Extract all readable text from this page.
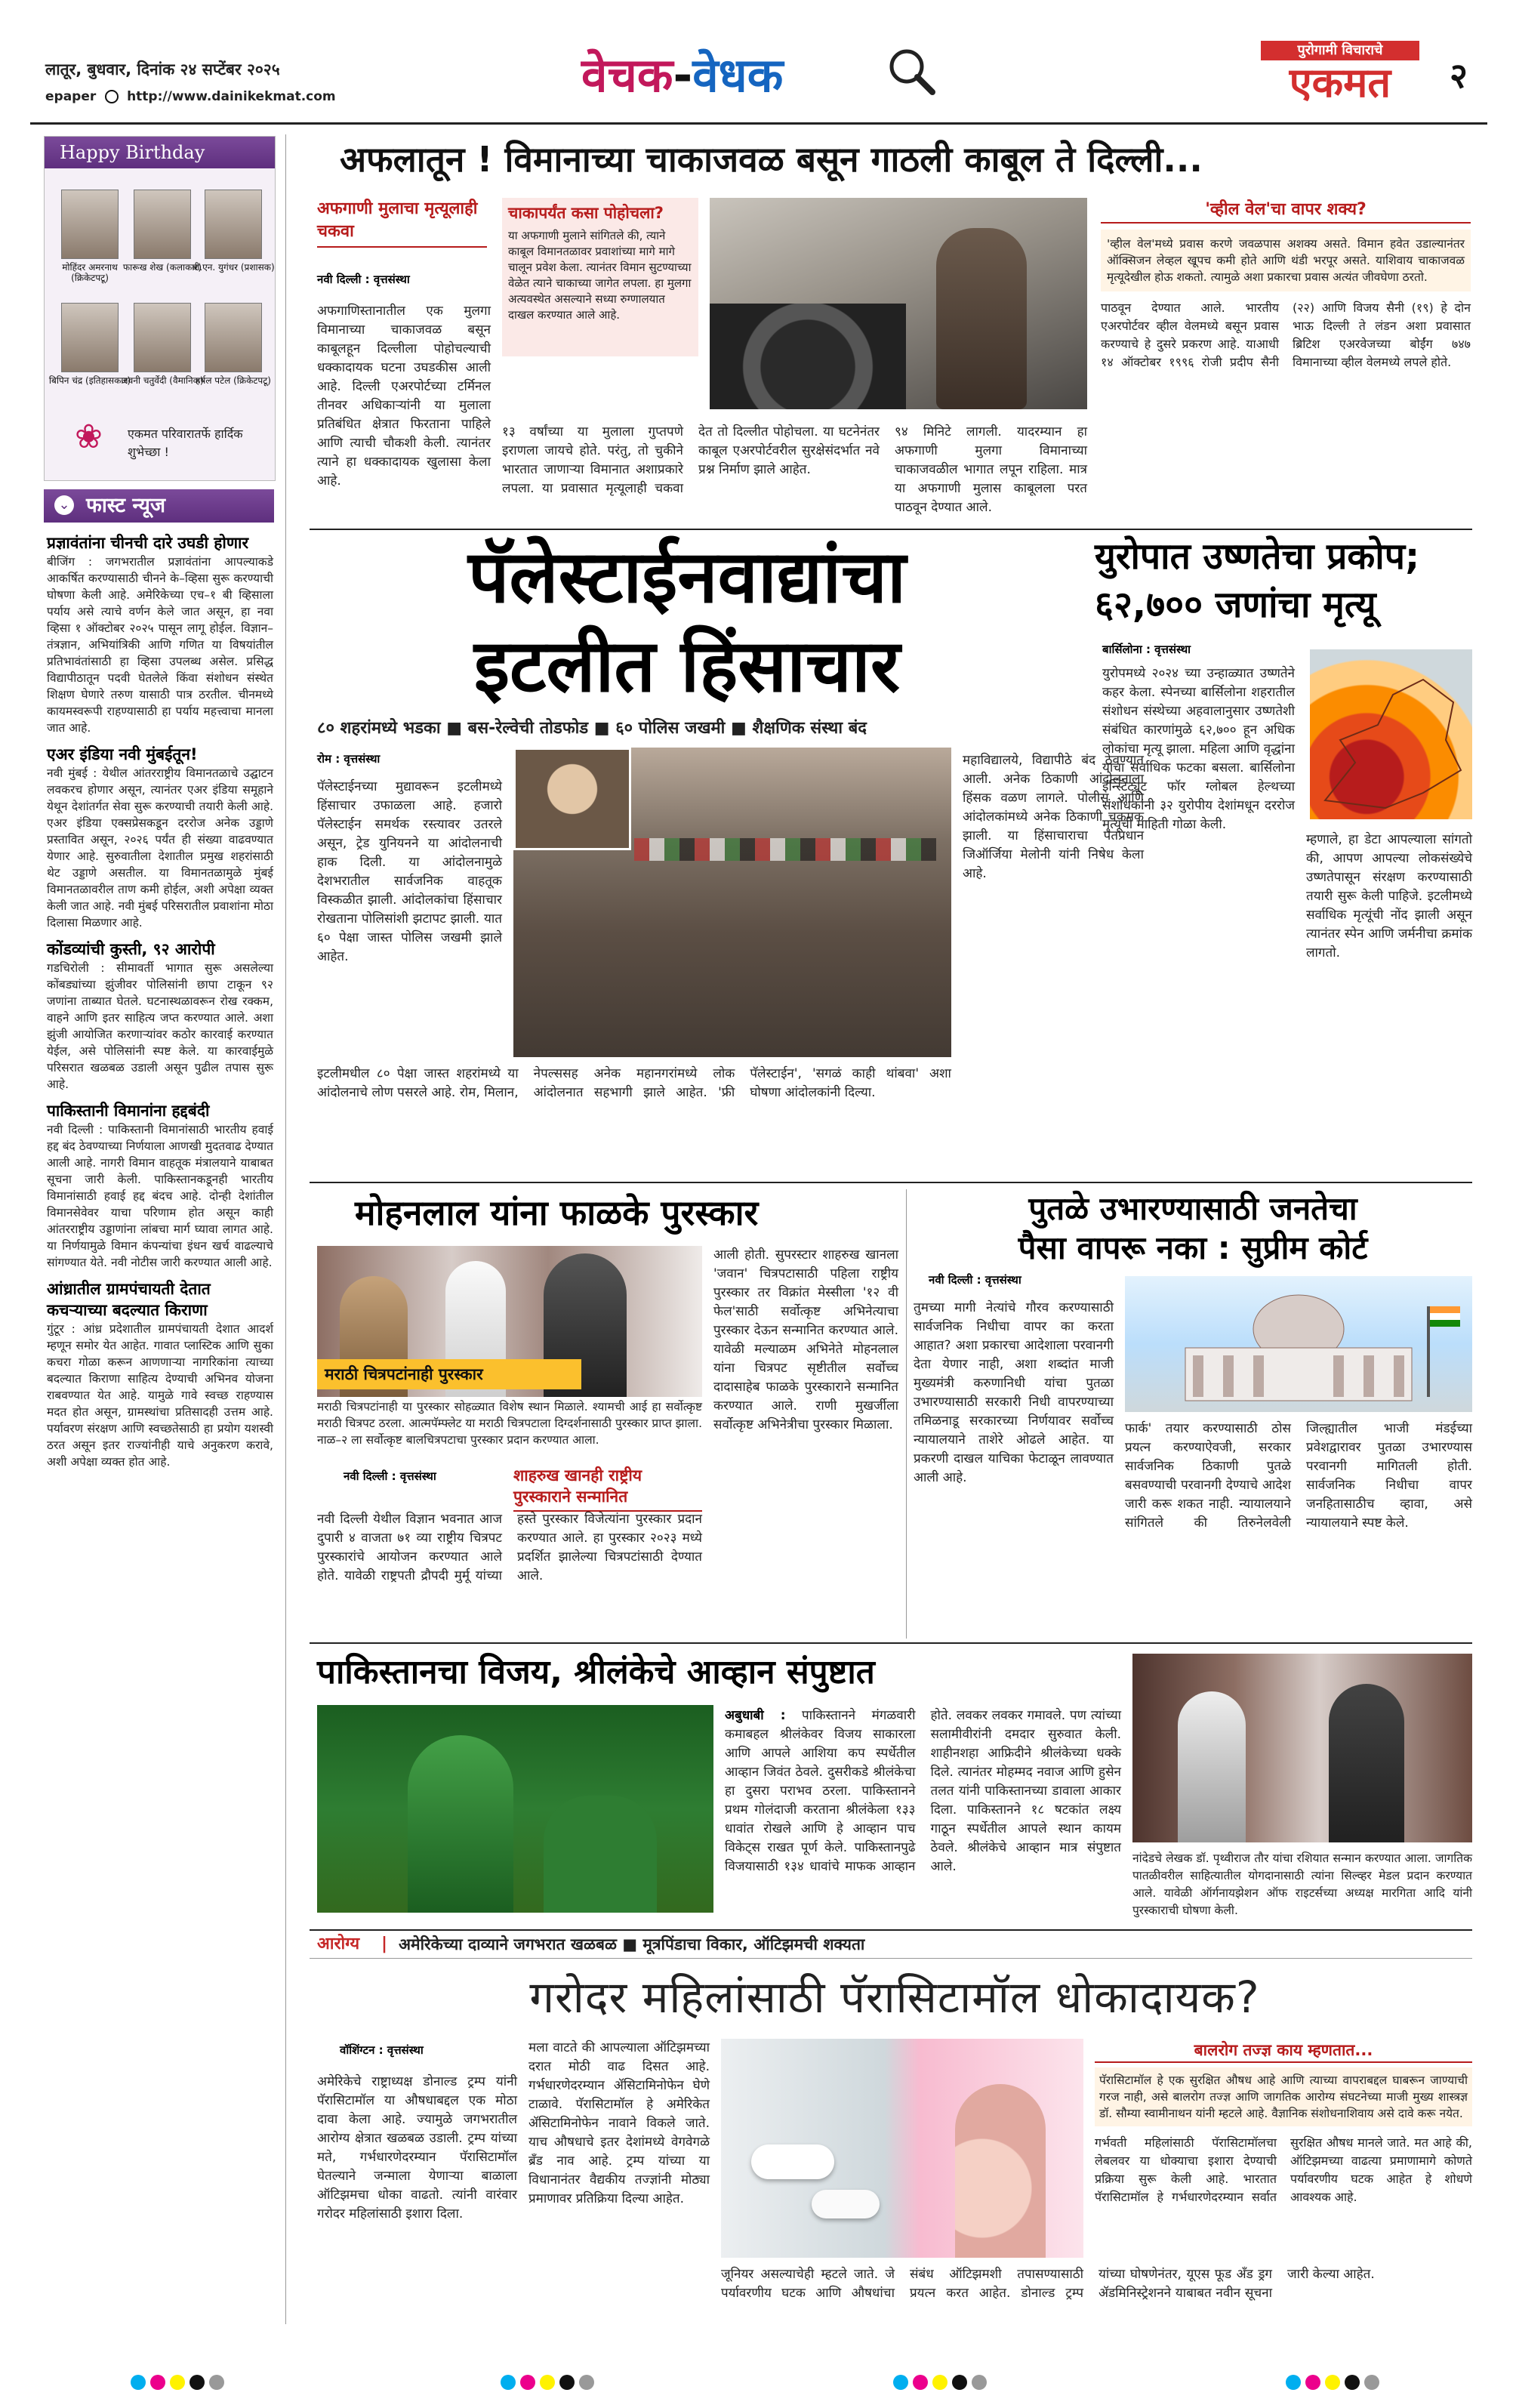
लातूर, बुधवार, दिनांक २४ सप्टेंबर २०२५
epaper http://www.dainikekmat.com	वेचक-वेधक	पुरोगामी विचाराचे
एकमत	२
Happy Birthday
मोहिंदर अमरनाथ (क्रिकेटपटू)
फारूख शेख (कलाकार)
बी.एन. युगंधर (प्रशासक)
बिपिन चंद्र (इतिहासकार)
अवनी चतुर्वेदी (वैमानिक)
हर्षल पटेल (क्रिकेटपटू)
❀ एकमत परिवारातर्फे हार्दिक शुभेच्छा !
⌄ फास्ट न्यूज
प्रज्ञावंतांना चीनची दारे उघडी होणार
बीजिंग : जगभरातील प्रज्ञावंतांना आपल्याकडे आकर्षित करण्यासाठी चीनने के–व्हिसा सुरू करण्याची घोषणा केली आहे. अमेरिकेच्या एच–१ बी व्हिसाला पर्याय असे त्याचे वर्णन केले जात असून, हा नवा व्हिसा १ ऑक्टोबर २०२५ पासून लागू होईल. विज्ञान–तंत्रज्ञान, अभियांत्रिकी आणि गणित या विषयांतील प्रतिभावंतांसाठी हा व्हिसा उपलब्ध असेल. प्रसिद्ध विद्यापीठातून पदवी घेतलेले किंवा संशोधन संस्थेत शिक्षण घेणारे तरुण यासाठी पात्र ठरतील. चीनमध्ये कायमस्वरूपी राहण्यासाठी हा पर्याय महत्त्वाचा मानला जात आहे.
एअर इंडिया नवी मुंबईतून!
नवी मुंबई : येथील आंतरराष्ट्रीय विमानतळाचे उद्घाटन लवकरच होणार असून, त्यानंतर एअर इंडिया समूहाने येथून देशांतर्गत सेवा सुरू करण्याची तयारी केली आहे. एअर इंडिया एक्सप्रेसकडून दररोज अनेक उड्डाणे प्रस्तावित असून, २०२६ पर्यंत ही संख्या वाढवण्यात येणार आहे. सुरुवातीला देशातील प्रमुख शहरांसाठी थेट उड्डाणे असतील. या विमानतळामुळे मुंबई विमानतळावरील ताण कमी होईल, अशी अपेक्षा व्यक्त केली जात आहे. नवी मुंबई परिसरातील प्रवाशांना मोठा दिलासा मिळणार आहे.
कोंडव्यांची कुस्ती, ९२ आरोपी
गडचिरोली : सीमावर्ती भागात सुरू असलेल्या कोंबड्यांच्या झुंजीवर पोलिसांनी छापा टाकून ९२ जणांना ताब्यात घेतले. घटनास्थळावरून रोख रक्कम, वाहने आणि इतर साहित्य जप्त करण्यात आले. अशा झुंजी आयोजित करणाऱ्यांवर कठोर कारवाई करण्यात येईल, असे पोलिसांनी स्पष्ट केले. या कारवाईमुळे परिसरात खळबळ उडाली असून पुढील तपास सुरू आहे.
पाकिस्तानी विमानांना हद्दबंदी
नवी दिल्ली : पाकिस्तानी विमानांसाठी भारतीय हवाई हद्द बंद ठेवण्याच्या निर्णयाला आणखी मुदतवाढ देण्यात आली आहे. नागरी विमान वाहतूक मंत्रालयाने याबाबत सूचना जारी केली. पाकिस्तानकडूनही भारतीय विमानांसाठी हवाई हद्द बंदच आहे. दोन्ही देशांतील विमानसेवेवर याचा परिणाम होत असून काही आंतरराष्ट्रीय उड्डाणांना लांबचा मार्ग घ्यावा लागत आहे. या निर्णयामुळे विमान कंपन्यांचा इंधन खर्च वाढल्याचे सांगण्यात येते. नवी नोटीस जारी करण्यात आली आहे.
आंध्रातील ग्रामपंचायती देतात कचऱ्याच्या बदल्यात किराणा
गुंटूर : आंध्र प्रदेशातील ग्रामपंचायती देशात आदर्श म्हणून समोर येत आहेत. गावात प्लास्टिक आणि सुका कचरा गोळा करून आणणाऱ्या नागरिकांना त्याच्या बदल्यात किराणा साहित्य देण्याची अभिनव योजना राबवण्यात येत आहे. यामुळे गावे स्वच्छ राहण्यास मदत होत असून, ग्रामस्थांचा प्रतिसादही उत्तम आहे. पर्यावरण संरक्षण आणि स्वच्छतेसाठी हा प्रयोग यशस्वी ठरत असून इतर राज्यांनीही याचे अनुकरण करावे, अशी अपेक्षा व्यक्त होत आहे.
अफलातून ! विमानाच्या चाकाजवळ बसून गाठली काबूल ते दिल्ली...
अफगाणी मुलाचा मृत्यूलाही चकवा
चाकापर्यंत कसा पोहोचला?
या अफगाणी मुलाने सांगितले की, त्याने काबूल विमानतळावर प्रवाशांच्या मागे मागे चालून प्रवेश केला. त्यानंतर विमान सुटण्याच्या वेळेत त्याने चाकाच्या जागेत लपला. हा मुलगा अत्यवस्थेत असल्याने सध्या रुग्णालयात दाखल करण्यात आले आहे.
नवी दिल्ली : वृत्तसंस्था
अफगाणिस्तानातील एक मुलगा विमानाच्या चाकाजवळ बसून काबूलहून दिल्लीला पोहोचल्याची धक्कादायक घटना उघडकीस आली आहे. दिल्ली एअरपोर्टच्या टर्मिनल तीनवर अधिकाऱ्यांनी या मुलाला प्रतिबंधित क्षेत्रात फिरताना पाहिले आणि त्याची चौकशी केली. त्यानंतर त्याने हा धक्कादायक खुलासा केला आहे.
१३ वर्षांच्या या मुलाला गुप्तपणे इराणला जायचे होते. परंतु, तो चुकीने भारतात जाणाऱ्या विमानात अशाप्रकारे लपला. या प्रवासात मृत्यूलाही चकवा देत तो दिल्लीत पोहोचला. या घटनेनंतर काबूल एअरपोर्टवरील सुरक्षेसंदर्भात नवे प्रश्न निर्माण झाले आहेत.
९४ मिनिटे लागली. यादरम्यान हा अफगाणी मुलगा विमानाच्या चाकाजवळील भागात लपून राहिला. मात्र या अफगाणी मुलास काबूलला परत पाठवून देण्यात आले.
'व्हील वेल'चा वापर शक्य?
'व्हील वेल'मध्ये प्रवास करणे जवळपास अशक्य असते. विमान हवेत उडाल्यानंतर ऑक्सिजन लेव्हल खूपच कमी होते आणि थंडी भरपूर असते. याशिवाय चाकाजवळ मृत्यूदेखील होऊ शकतो. त्यामुळे अशा प्रकारचा प्रवास अत्यंत जीवघेणा ठरतो.
पाठवून देण्यात आले. भारतीय एअरपोर्टवर व्हील वेलमध्ये बसून प्रवास करण्याचे हे दुसरे प्रकरण आहे. याआधी १४ ऑक्टोबर १९९६ रोजी प्रदीप सैनी (२२) आणि विजय सैनी (१९) हे दोन भाऊ दिल्ली ते लंडन अशा प्रवासात ब्रिटिश एअरवेजच्या बोईंग ७४७ विमानाच्या व्हील वेलमध्ये लपले होते.
पॅलेस्टाईनवाद्यांचा
इटलीत हिंसाचार
८० शहरांमध्ये भडका ■ बस-रेल्वेची तोडफोड ■ ६० पोलिस जखमी ■ शैक्षणिक संस्था बंद
रोम : वृत्तसंस्था
पॅलेस्टाईनच्या मुद्यावरून इटलीमध्ये हिंसाचार उफाळला आहे. हजारो पॅलेस्टाईन समर्थक रस्त्यावर उतरले असून, ट्रेड युनियनने या आंदोलनाची हाक दिली. या आंदोलनामुळे देशभरातील सार्वजनिक वाहतूक विस्कळीत झाली. आंदोलकांचा हिंसाचार रोखताना पोलिसांशी झटापट झाली. यात ६० पेक्षा जास्त पोलिस जखमी झाले आहेत.
इटलीमधील ८० पेक्षा जास्त शहरांमध्ये या आंदोलनाचे लोण पसरले आहे. रोम, मिलान, नेपल्ससह अनेक महानगरांमध्ये लोक आंदोलनात सहभागी झाले आहेत. 'फ्री पॅलेस्टाईन', 'सगळं काही थांबवा' अशा घोषणा आंदोलकांनी दिल्या.
महाविद्यालये, विद्यापीठे बंद ठेवण्यात आली. अनेक ठिकाणी आंदोलनाला हिंसक वळण लागले. पोलीस आणि आंदोलकांमध्ये अनेक ठिकाणी चकमक झाली. या हिंसाचाराचा पंतप्रधान जिऑर्जिया मेलोनी यांनी निषेध केला आहे.
युरोपात उष्णतेचा प्रकोप; ६२,७०० जणांचा मृत्यू
बार्सिलोना : वृत्तसंस्था
युरोपमध्ये २०२४ च्या उन्हाळ्यात उष्णतेने कहर केला. स्पेनच्या बार्सिलोना शहरातील संशोधन संस्थेच्या अहवालानुसार उष्णतेशी संबंधित कारणांमुळे ६२,७०० हून अधिक लोकांचा मृत्यू झाला. महिला आणि वृद्धांना याचा सर्वाधिक फटका बसला. बार्सिलोना इन्स्टिट्यूट फॉर ग्लोबल हेल्थच्या संशोधकांनी ३२ युरोपीय देशांमधून दररोज मृत्यूची माहिती गोळा केली.
म्हणाले, हा डेटा आपल्याला सांगतो की, आपण आपल्या लोकसंख्येचे उष्णतेपासून संरक्षण करण्यासाठी तयारी सुरू केली पाहिजे. इटलीमध्ये सर्वाधिक मृत्यूंची नोंद झाली असून त्यानंतर स्पेन आणि जर्मनीचा क्रमांक लागतो.
मोहनलाल यांना फाळके पुरस्कार
मराठी चित्रपटांनाही पुरस्कार
मराठी चित्रपटांनाही या पुरस्कार सोहळ्यात विशेष स्थान मिळाले. श्यामची आई हा सर्वोत्कृष्ट मराठी चित्रपट ठरला. आत्मपॅम्फ्लेट या मराठी चित्रपटाला दिग्दर्शनासाठी पुरस्कार प्राप्त झाला. नाळ–२ ला सर्वोत्कृष्ट बालचित्रपटाचा पुरस्कार प्रदान करण्यात आला.
नवी दिल्ली : वृत्तसंस्था	शाहरुख खानही राष्ट्रीय पुरस्काराने सन्मानित
नवी दिल्ली येथील विज्ञान भवनात आज दुपारी ४ वाजता ७१ व्या राष्ट्रीय चित्रपट पुरस्कारांचे आयोजन करण्यात आले होते. यावेळी राष्ट्रपती द्रौपदी मुर्मू यांच्या हस्ते पुरस्कार विजेत्यांना पुरस्कार प्रदान करण्यात आले. हा पुरस्कार २०२३ मध्ये प्रदर्शित झालेल्या चित्रपटांसाठी देण्यात आले.
आली होती. सुपरस्टार शाहरुख खानला 'जवान' चित्रपटासाठी पहिला राष्ट्रीय पुरस्कार तर विक्रांत मेस्सीला '१२ वी फेल'साठी सर्वोत्कृष्ट अभिनेत्याचा पुरस्कार देऊन सन्मानित करण्यात आले. यावेळी मल्याळम अभिनेते मोहनलाल यांना चित्रपट सृष्टीतील सर्वोच्च दादासाहेब फाळके पुरस्काराने सन्मानित करण्यात आले. राणी मुखर्जीला सर्वोत्कृष्ट अभिनेत्रीचा पुरस्कार मिळाला.
पुतळे उभारण्यासाठी जनतेचा
पैसा वापरू नका : सुप्रीम कोर्ट
नवी दिल्ली : वृत्तसंस्था
तुमच्या मागी नेत्यांचे गौरव करण्यासाठी सार्वजनिक निधीचा वापर का करता आहात? अशा प्रकारचा आदेशाला परवानगी देता येणार नाही, अशा शब्दांत माजी मुख्यमंत्री करुणानिधी यांचा पुतळा उभारण्यासाठी सरकारी निधी वापरण्याच्या तमिळनाडू सरकारच्या निर्णयावर सर्वोच्च न्यायालयाने ताशेरे ओढले आहेत. या प्रकरणी दाखल याचिका फेटाळून लावण्यात आली आहे.
फार्क' तयार करण्यासाठी ठोस प्रयत्न करण्याऐवजी, सरकार सार्वजनिक ठिकाणी पुतळे बसवण्याची परवानगी देण्याचे आदेश जारी करू शकत नाही. न्यायालयाने सांगितले की तिरुनेलवेली जिल्ह्यातील भाजी मंडईच्या प्रवेशद्वारावर पुतळा उभारण्यास परवानगी मागितली होती. सार्वजनिक निधीचा वापर जनहितासाठीच व्हावा, असे न्यायालयाने स्पष्ट केले.
पाकिस्तानचा विजय, श्रीलंकेचे आव्हान संपुष्टात
अबुधाबी : पाकिस्तानने मंगळवारी कमाबहल श्रीलंकेवर विजय साकारला आणि आपले आशिया कप स्पर्धेतील आव्हान जिवंत ठेवले. दुसरीकडे श्रीलंकेचा हा दुसरा पराभव ठरला. पाकिस्तानने प्रथम गोलंदाजी करताना श्रीलंकेला १३३ धावांत रोखले आणि हे आव्हान पाच विकेट्स राखत पूर्ण केले. पाकिस्तानपुढे विजयासाठी १३४ धावांचे माफक आव्हान होते. लवकर लवकर गमावले. पण त्यांच्या सलामीवीरांनी दमदार सुरुवात केली. शाहीनशहा आफ्रिदीने श्रीलंकेच्या धक्के दिले. त्यानंतर मोहम्मद नवाज आणि हुसेन तलत यांनी पाकिस्तानच्या डावाला आकार दिला. पाकिस्तानने १८ षटकांत लक्ष्य गाठून स्पर्धेतील आपले स्थान कायम ठेवले. श्रीलंकेचे आव्हान मात्र संपुष्टात आले.
नांदेडचे लेखक डॉ. पृथ्वीराज तौर यांचा रशियात सन्मान करण्यात आला. जागतिक पातळीवरील साहित्यातील योगदानासाठी त्यांना सिल्व्हर मेडल प्रदान करण्यात आले. यावेळी ऑर्गनायझेशन ऑफ राइटर्सच्या अध्यक्ष मारगिता आदि यांनी पुरस्काराची घोषणा केली.
आरोग्य | अमेरिकेच्या दाव्याने जगभरात खळबळ ■ मूत्रपिंडाचा विकार, ऑटिझमची शक्यता
गरोदर महिलांसाठी पॅरासिटामॉल धोकादायक?
वॉशिंग्टन : वृत्तसंस्था
अमेरिकेचे राष्ट्राध्यक्ष डोनाल्ड ट्रम्प यांनी पॅरासिटामॉल या औषधाबद्दल एक मोठा दावा केला आहे. ज्यामुळे जगभरातील आरोग्य क्षेत्रात खळबळ उडाली. ट्रम्प यांच्या मते, गर्भधारणेदरम्यान पॅरासिटामॉल घेतल्याने जन्माला येणाऱ्या बाळाला ऑटिझमचा धोका वाढतो. त्यांनी वारंवार गरोदर महिलांसाठी इशारा दिला.
मला वाटते की आपल्याला ऑटिझमच्या दरात मोठी वाढ दिसत आहे. गर्भधारणेदरम्यान ॲसिटामिनोफेन घेणे टाळावे. पॅरासिटामॉल हे अमेरिकेत ॲसिटामिनोफेन नावाने विकले जाते. याच औषधाचे इतर देशांमध्ये वेगवेगळे ब्रँड नाव आहे. ट्रम्प यांच्या या विधानानंतर वैद्यकीय तज्ज्ञांनी मोठ्या प्रमाणावर प्रतिक्रिया दिल्या आहेत.
जूनियर असल्याचेही म्हटले जाते. जे पर्यावरणीय घटक आणि औषधांचा संबंध ऑटिझमशी तपासण्यासाठी प्रयत्न करत आहेत. डोनाल्ड ट्रम्प यांच्या घोषणेनंतर, यूएस फूड अँड ड्रग ॲडमिनिस्ट्रेशनने याबाबत नवीन सूचना जारी केल्या आहेत.
बालरोग तज्ज्ञ काय म्हणतात...
पॅरासिटामॉल हे एक सुरक्षित औषध आहे आणि त्याच्या वापराबद्दल घाबरून जाण्याची गरज नाही, असे बालरोग तज्ज्ञ आणि जागतिक आरोग्य संघटनेच्या माजी मुख्य शास्त्रज्ञ डॉ. सौम्या स्वामीनाथन यांनी म्हटले आहे. वैज्ञानिक संशोधनाशिवाय असे दावे करू नयेत.
गर्भवती महिलांसाठी पॅरासिटामॉलचा लेबलवर या धोक्याचा इशारा देण्याची प्रक्रिया सुरू केली आहे. भारतात पॅरासिटामॉल हे गर्भधारणेदरम्यान सर्वात सुरक्षित औषध मानले जाते. मत आहे की, ऑटिझमच्या वाढत्या प्रमाणामागे कोणते पर्यावरणीय घटक आहेत हे शोधणे आवश्यक आहे.
